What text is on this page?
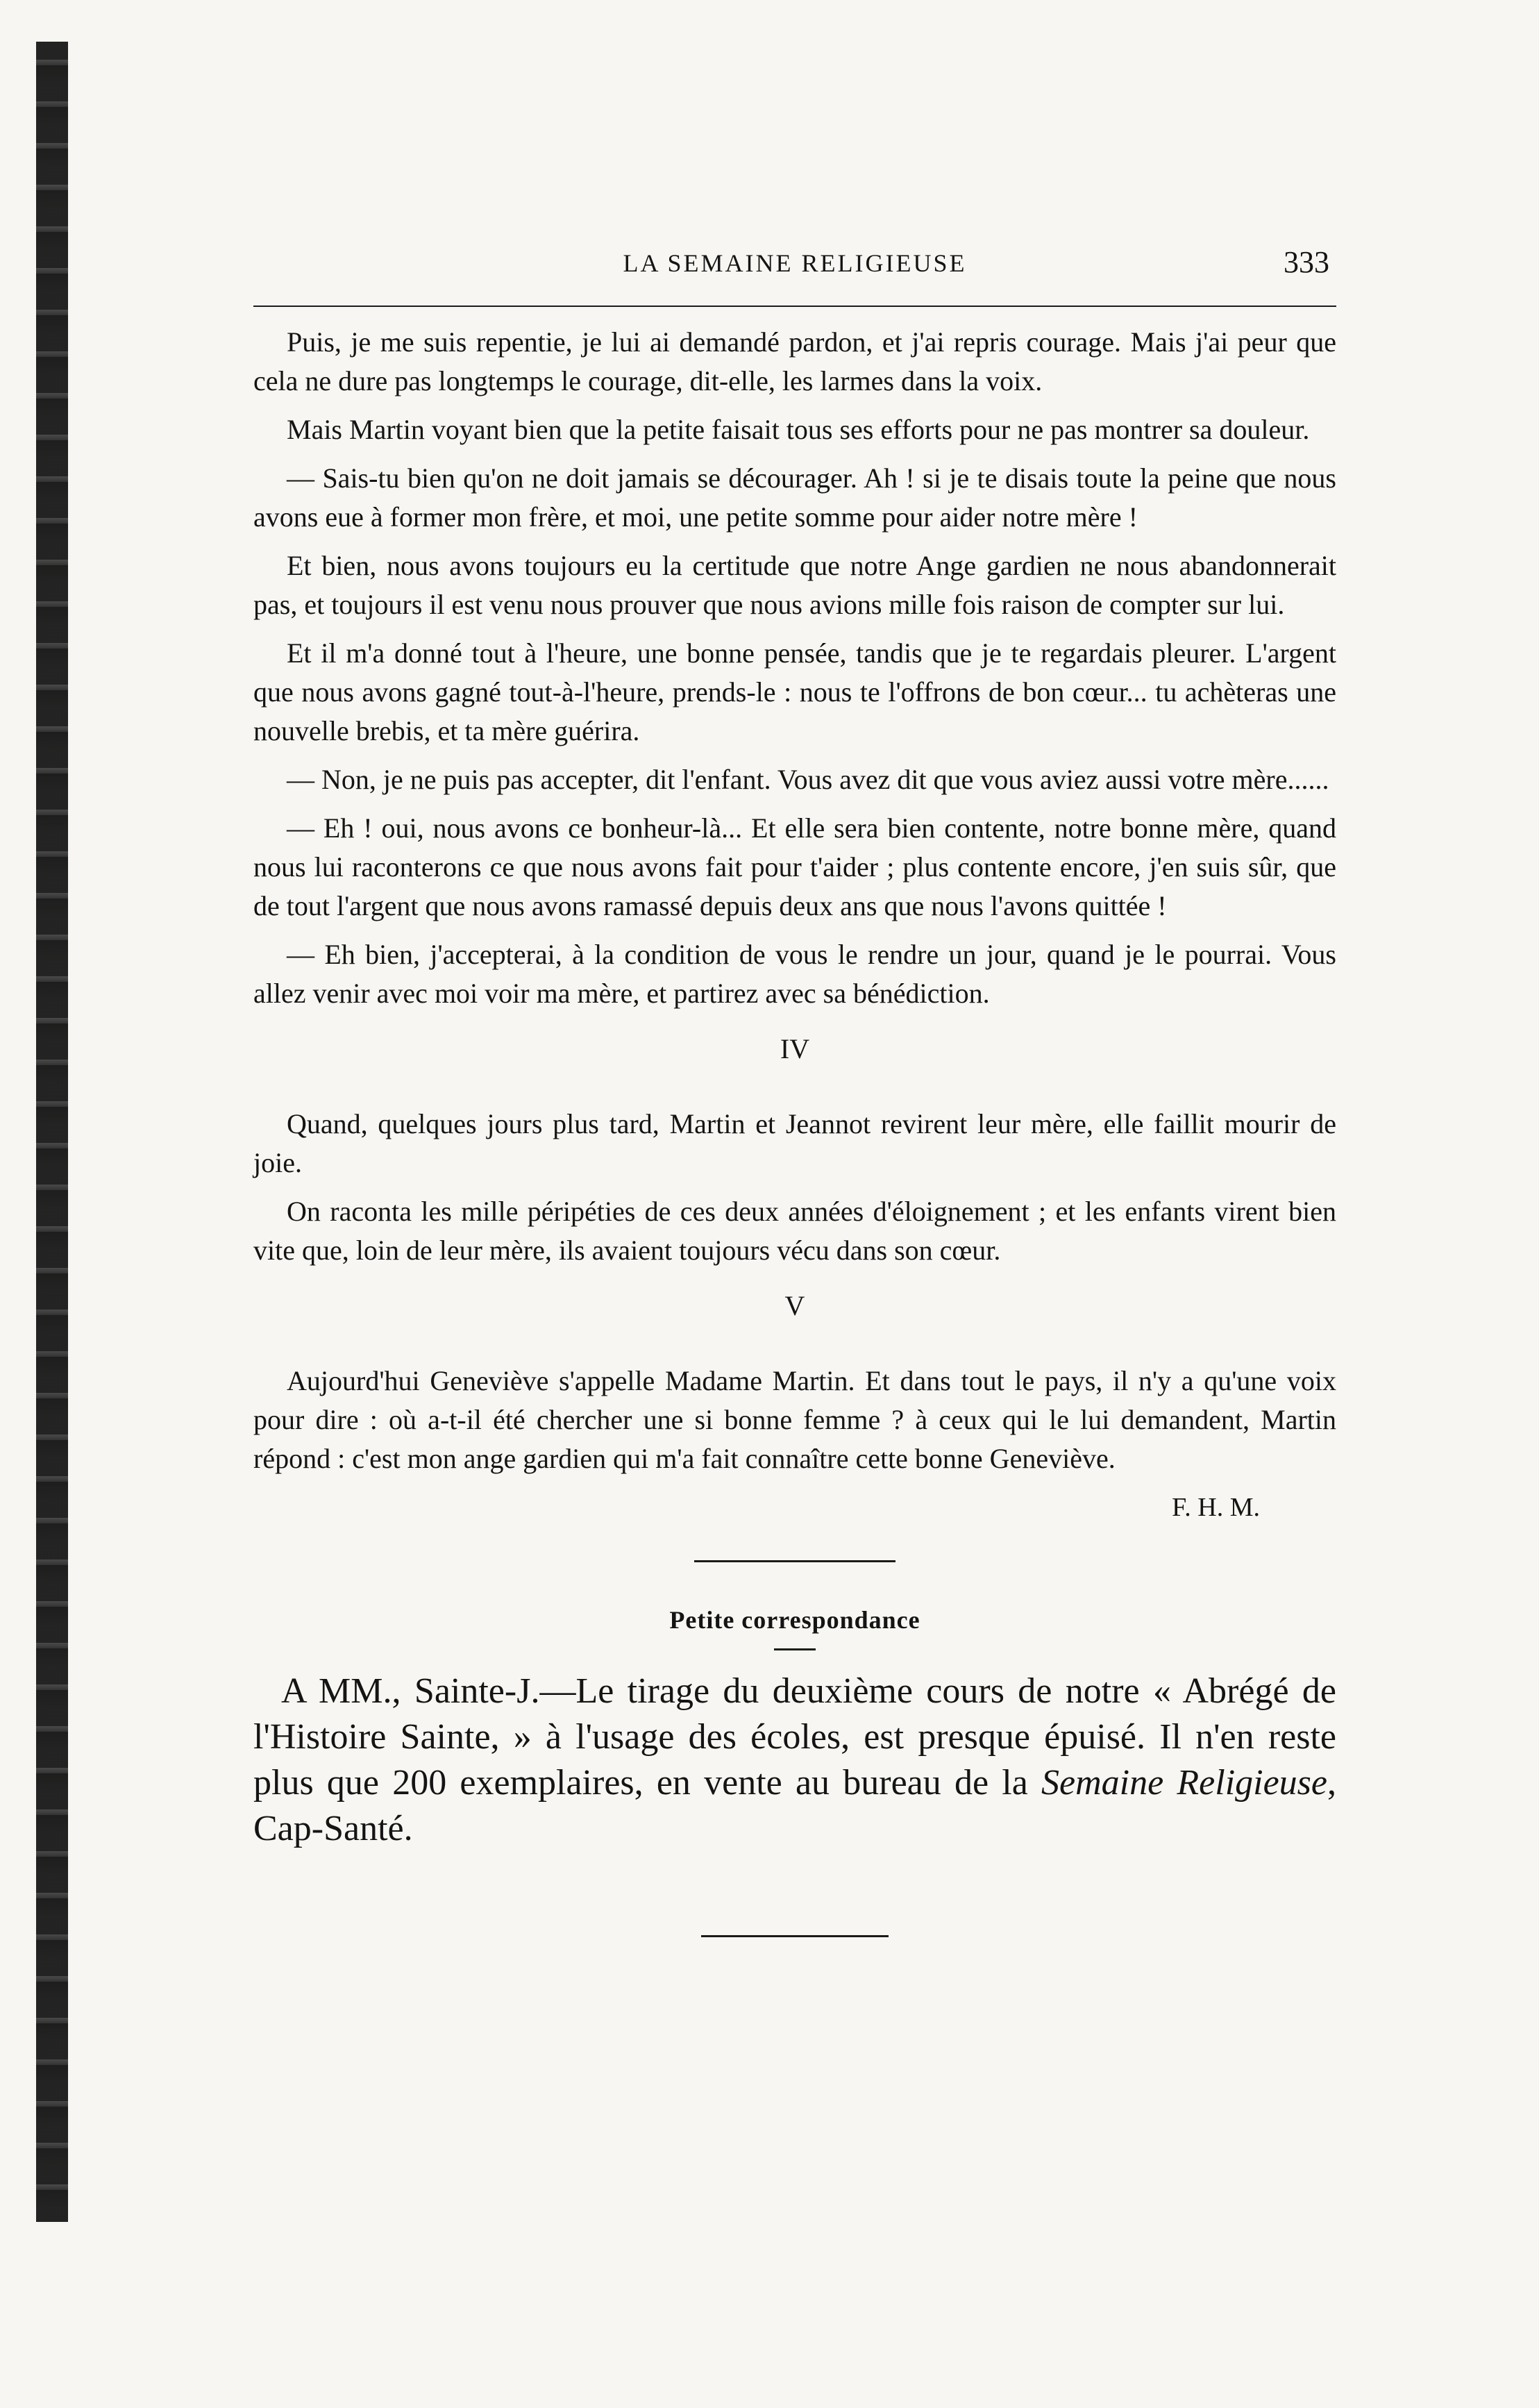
LA SEMAINE RELIGIEUSE	333

Puis, je me suis repentie, je lui ai demandé pardon, et j'ai repris courage. Mais j'ai peur que cela ne dure pas longtemps le courage, dit-elle, les larmes dans la voix.

Mais Martin voyant bien que la petite faisait tous ses efforts pour ne pas montrer sa douleur.

— Sais-tu bien qu'on ne doit jamais se décourager. Ah ! si je te disais toute la peine que nous avons eue à former mon frère, et moi, une petite somme pour aider notre mère !

Et bien, nous avons toujours eu la certitude que notre Ange gardien ne nous abandonnerait pas, et toujours il est venu nous prouver que nous avions mille fois raison de compter sur lui.

Et il m'a donné tout à l'heure, une bonne pensée, tandis que je te regardais pleurer. L'argent que nous avons gagné tout-à-l'heure, prends-le : nous te l'offrons de bon cœur... tu achèteras une nouvelle brebis, et ta mère guérira.

— Non, je ne puis pas accepter, dit l'enfant. Vous avez dit que vous aviez aussi votre mère......

— Eh ! oui, nous avons ce bonheur-là... Et elle sera bien contente, notre bonne mère, quand nous lui raconterons ce que nous avons fait pour t'aider ; plus contente encore, j'en suis sûr, que de tout l'argent que nous avons ramassé depuis deux ans que nous l'avons quittée !

— Eh bien, j'accepterai, à la condition de vous le rendre un jour, quand je le pourrai. Vous allez venir avec moi voir ma mère, et partirez avec sa bénédiction.

IV

Quand, quelques jours plus tard, Martin et Jeannot revirent leur mère, elle faillit mourir de joie.

On raconta les mille péripéties de ces deux années d'éloignement ; et les enfants virent bien vite que, loin de leur mère, ils avaient toujours vécu dans son cœur.

V

Aujourd'hui Geneviève s'appelle Madame Martin. Et dans tout le pays, il n'y a qu'une voix pour dire : où a-t-il été chercher une si bonne femme ? à ceux qui le lui demandent, Martin répond : c'est mon ange gardien qui m'a fait connaître cette bonne Geneviève.

F. H. M.
Petite correspondance
A MM., Sainte-J.—Le tirage du deuxième cours de notre « Abrégé de l'Histoire Sainte, » à l'usage des écoles, est presque épuisé. Il n'en reste plus que 200 exemplaires, en vente au bureau de la Semaine Religieuse, Cap-Santé.
